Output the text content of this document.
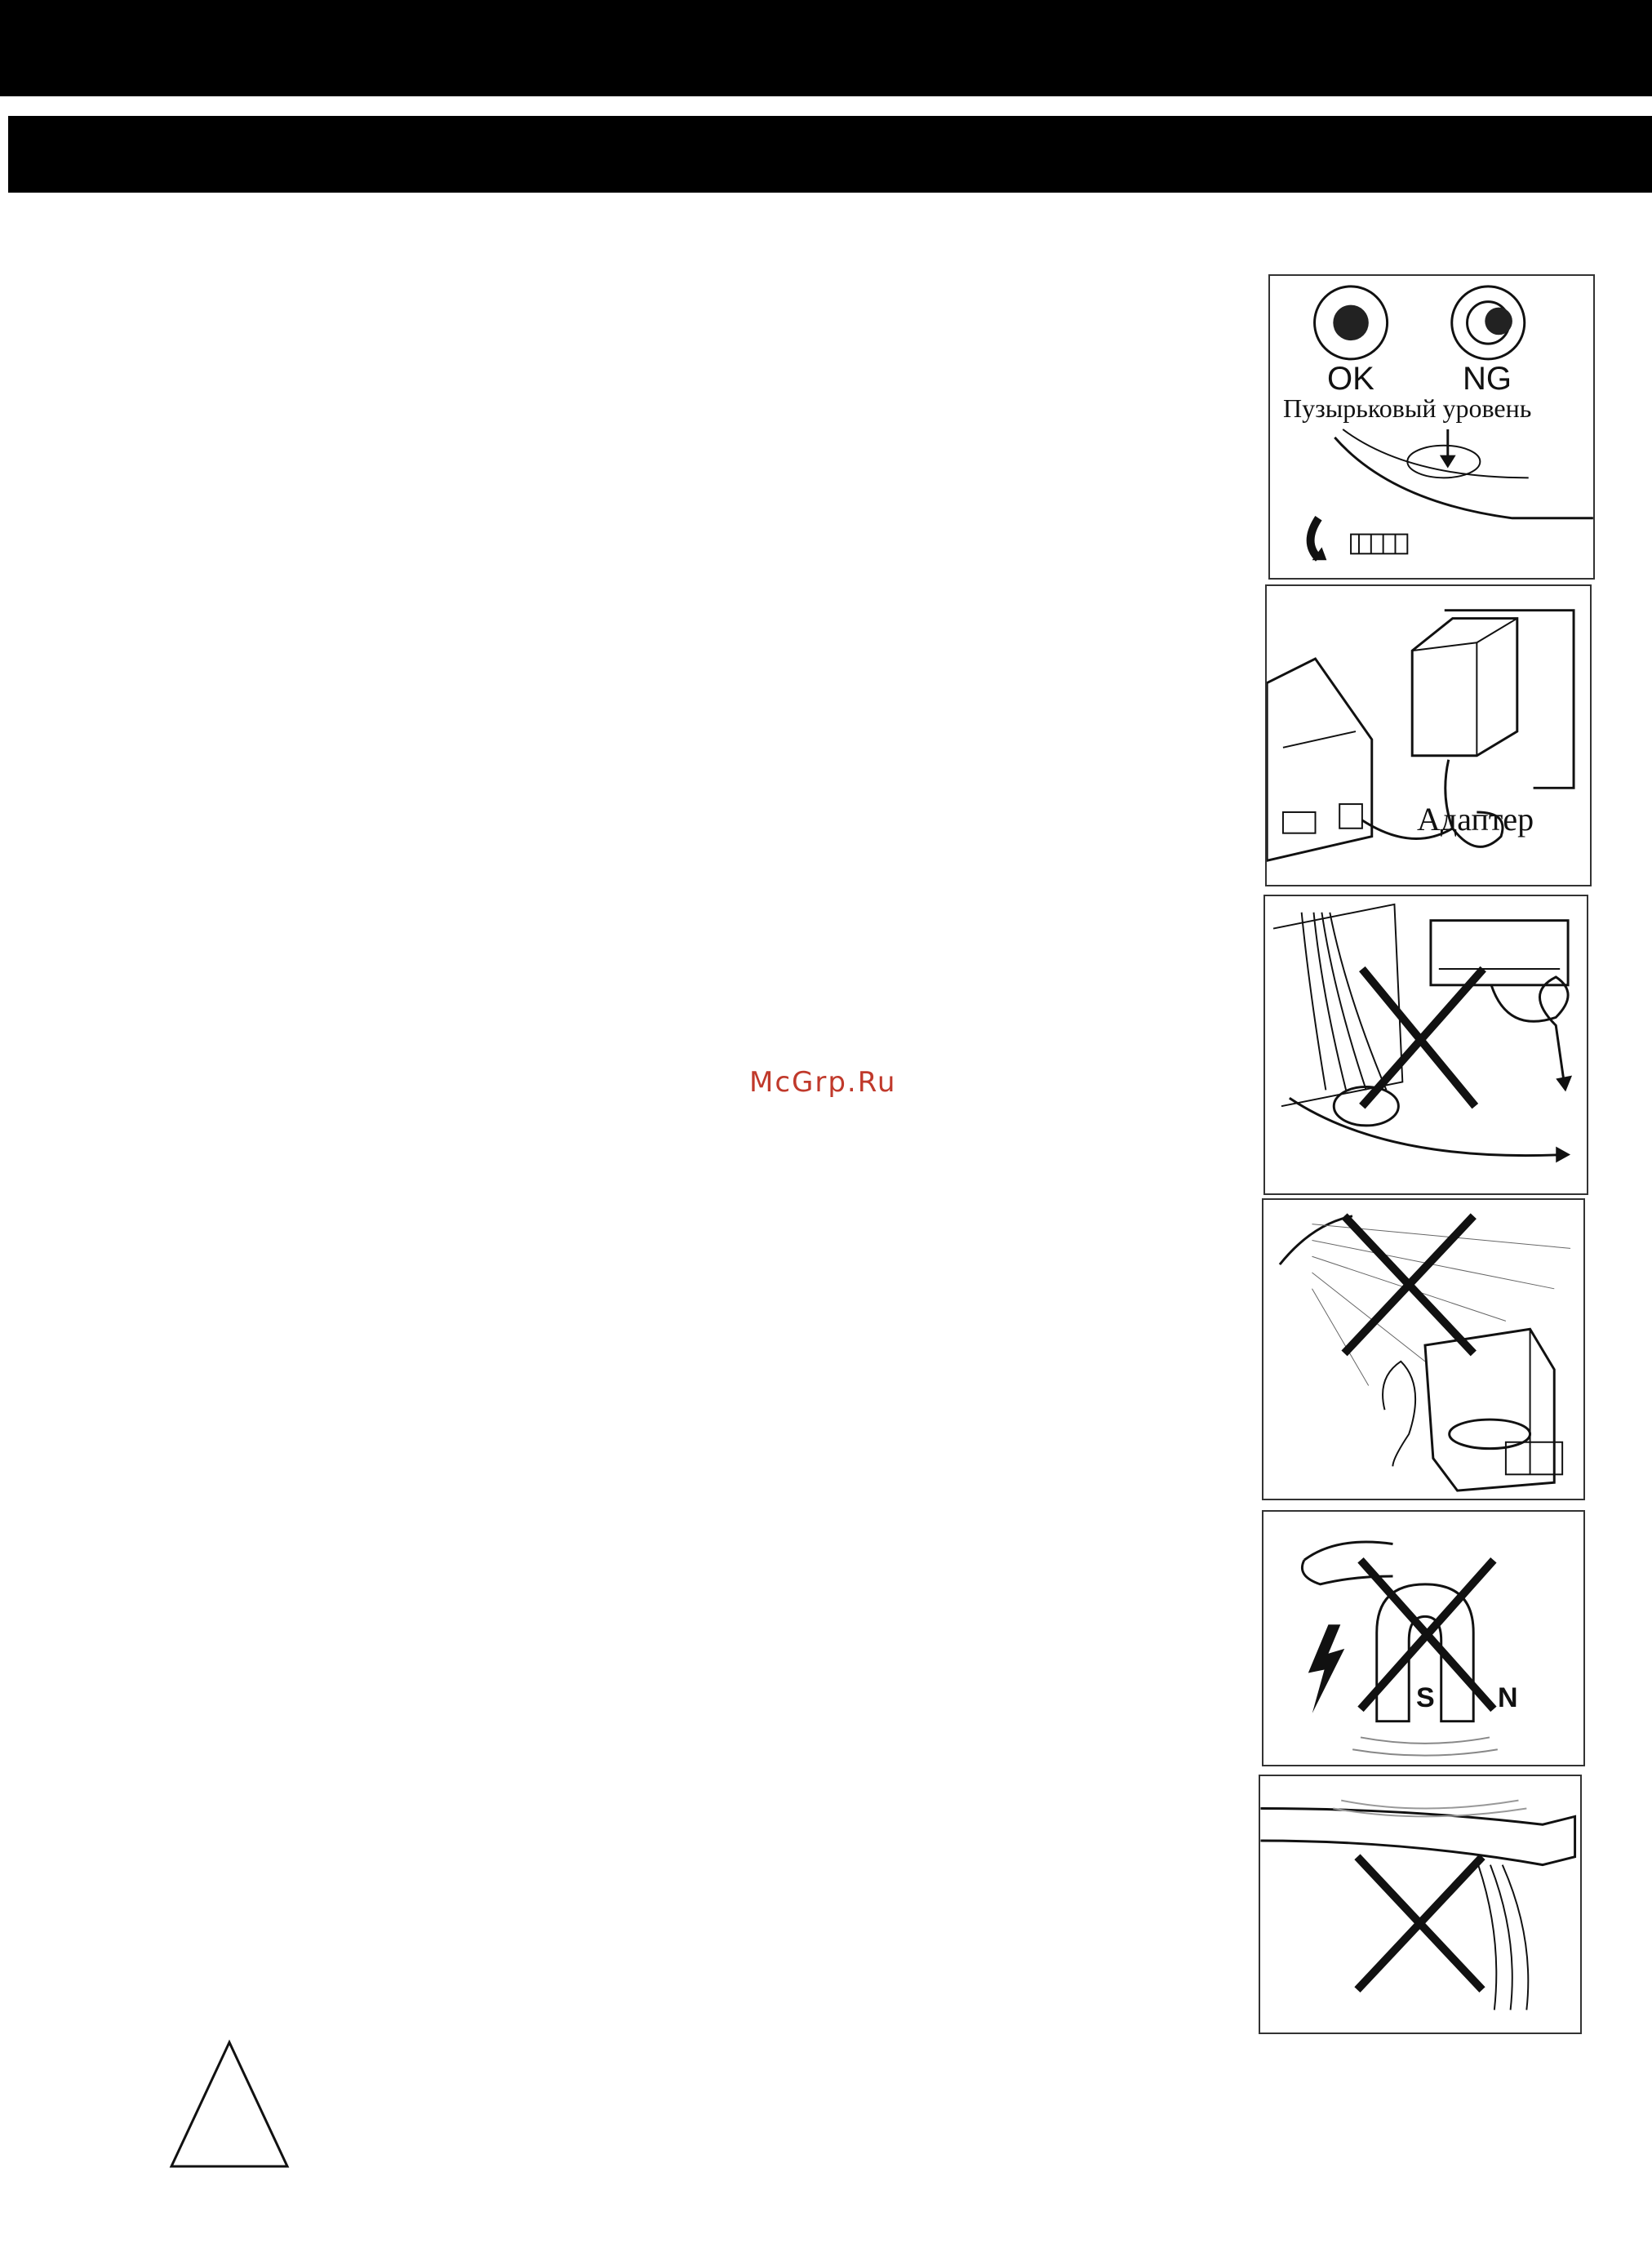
OK	NG
Пузырьковый уровень
Адаптер
S N
McGrp.Ru
